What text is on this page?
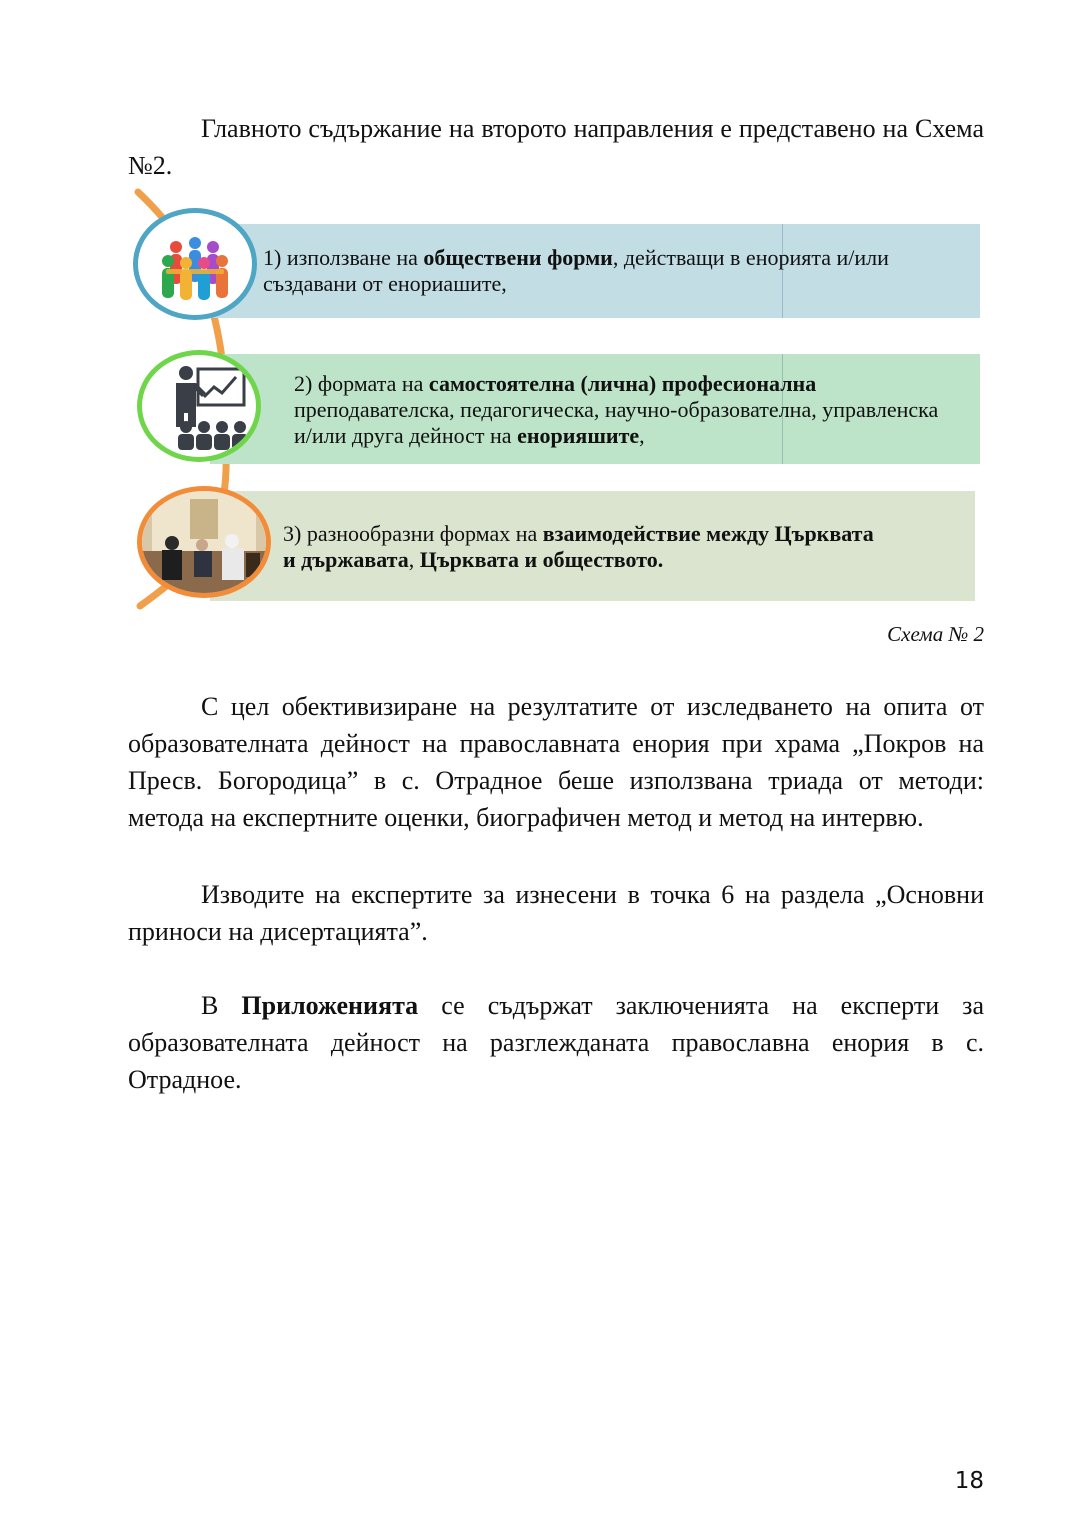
Главното съдържание на второто направления е представено на Схема №2.

1) използване на обществени форми, действащи в енорията и/или създавани от енориашите,
2) формата на самостоятелна (лична) професионална преподавателска, педагогическа, научно-образователна, управленска и/или друга дейност на енорияшите,
3) разнообразни формах на взаимодействие между Църквата и държавата, Църквата и обществото.
Схема № 2

С цел обективизиране на резултатите от изследването на опита от образователната дейност на православната енория при храма „Покров на Пресв. Богородица” в с. Отрадное беше използвана триада от методи: метода на експертните оценки, биографичен метод и метод на интервю.

Изводите на експертите за изнесени в точка 6 на раздела „Основни приноси на дисертацията”.

В Приложенията се съдържат заключенията на експерти за образователната дейност на разглежданата православна енория в с. Отрадное.

18
